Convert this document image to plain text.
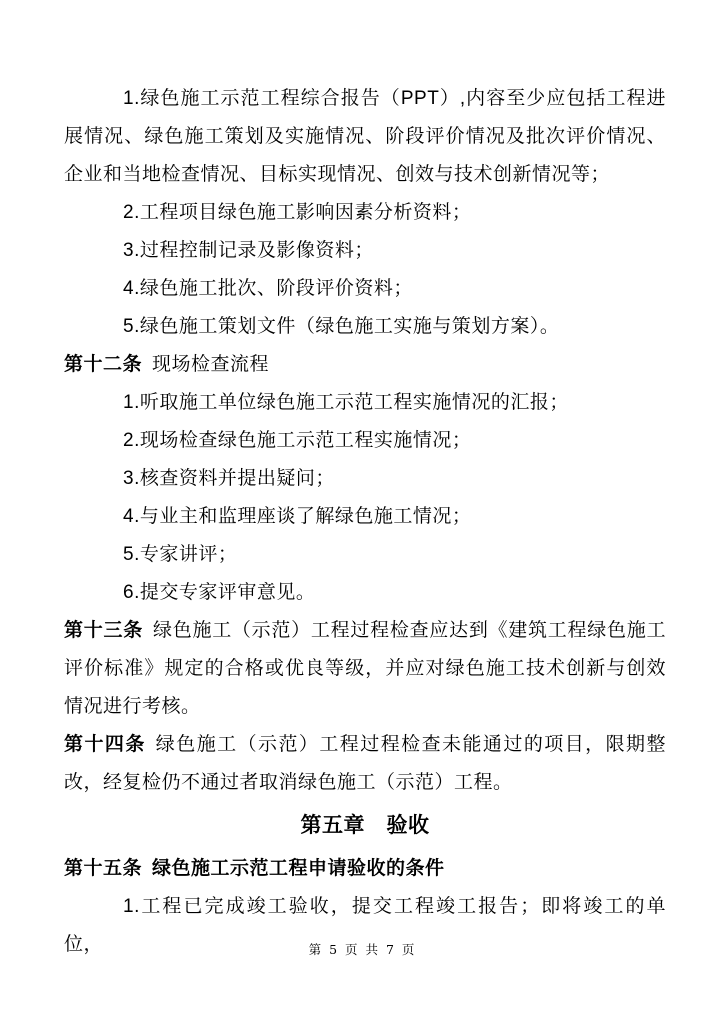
1.绿色施工示范工程综合报告（PPT）,内容至少应包括工程进展情况、绿色施工策划及实施情况、阶段评价情况及批次评价情况、企业和当地检查情况、目标实现情况、创效与技术创新情况等；

2.工程项目绿色施工影响因素分析资料；

3.过程控制记录及影像资料；

4.绿色施工批次、阶段评价资料；

5.绿色施工策划文件（绿色施工实施与策划方案）。

第十二条 现场检查流程

1.听取施工单位绿色施工示范工程实施情况的汇报；

2.现场检查绿色施工示范工程实施情况；

3.核查资料并提出疑问；

4.与业主和监理座谈了解绿色施工情况；

5.专家讲评；

6.提交专家评审意见。

第十三条 绿色施工（示范）工程过程检查应达到《建筑工程绿色施工评价标准》规定的合格或优良等级，并应对绿色施工技术创新与创效情况进行考核。

第十四条 绿色施工（示范）工程过程检查未能通过的项目，限期整改，经复检仍不通过者取消绿色施工（示范）工程。

第五章　验收

第十五条 绿色施工示范工程申请验收的条件

1.工程已完成竣工验收，提交工程竣工报告；即将竣工的单位，	第 5 页 共 7 页
